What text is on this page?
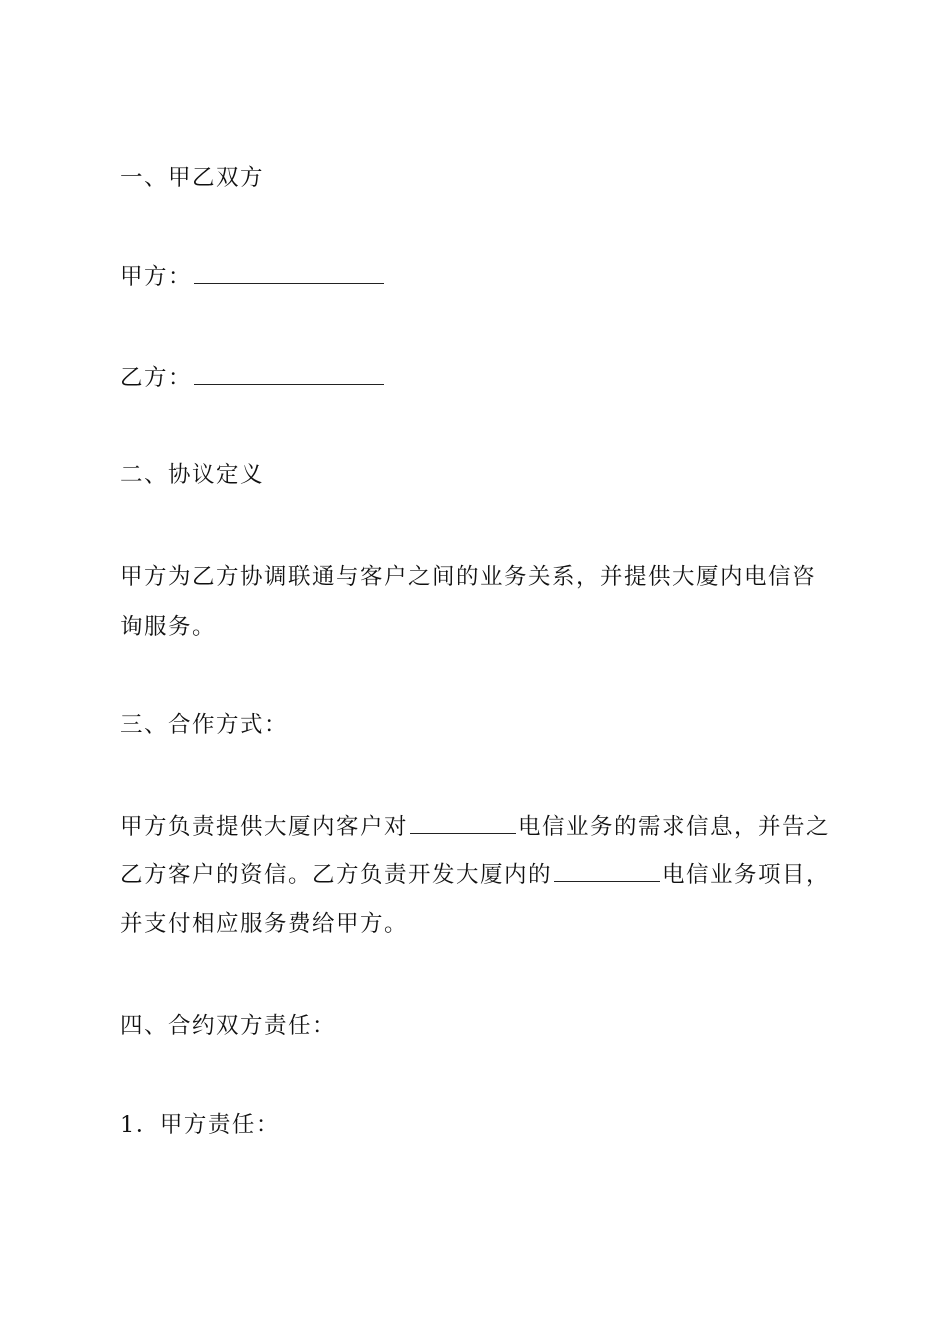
一、甲乙双方
甲方：
乙方：
二、协议定义
甲方为乙方协调联通与客户之间的业务关系，并提供大厦内电信咨
询服务。
三、合作方式：
甲方负责提供大厦内客户对	电信业务的需求信息，并告之
乙方客户的资信。乙方负责开发大厦内的	电信业务项目，
并支付相应服务费给甲方。
四、合约双方责任：
1．甲方责任：
